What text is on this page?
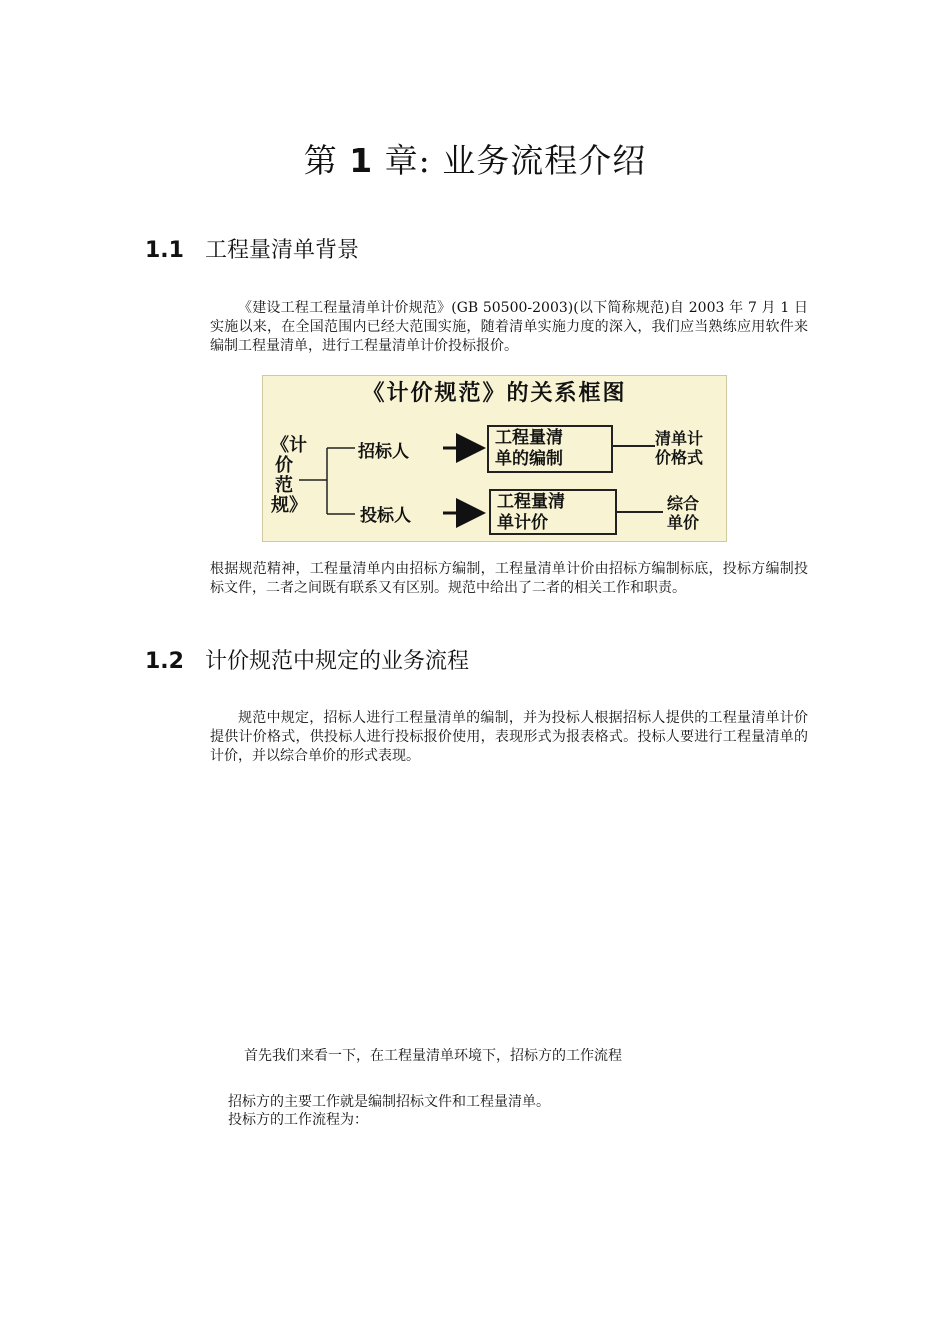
第 1 章: 业务流程介绍
1.1 工程量清单背景

《建设工程工程量清单计价规范》(GB 50500-2003)(以下简称规范)自 2003 年 7 月 1 日实施以来，在全国范围内已经大范围实施，随着清单实施力度的深入，我们应当熟练应用软件来编制工程量清单，进行工程量清单计价投标报价。

《计价规范》的关系框图
《计价范规》
招标人
工程量清
单的编制
清单计
价格式
投标人
工程量清
单计价
综合
单价

根据规范精神，工程量清单内由招标方编制，工程量清单计价由招标方编制标底，投标方编制投标文件，二者之间既有联系又有区别。规范中给出了二者的相关工作和职责。

1.2 计价规范中规定的业务流程

规范中规定，招标人进行工程量清单的编制，并为投标人根据招标人提供的工程量清单计价提供计价格式，供投标人进行投标报价使用，表现形式为报表格式。投标人要进行工程量清单的计价，并以综合单价的形式表现。

首先我们来看一下，在工程量清单环境下，招标方的工作流程

招标方的主要工作就是编制招标文件和工程量清单。

投标方的工作流程为：
